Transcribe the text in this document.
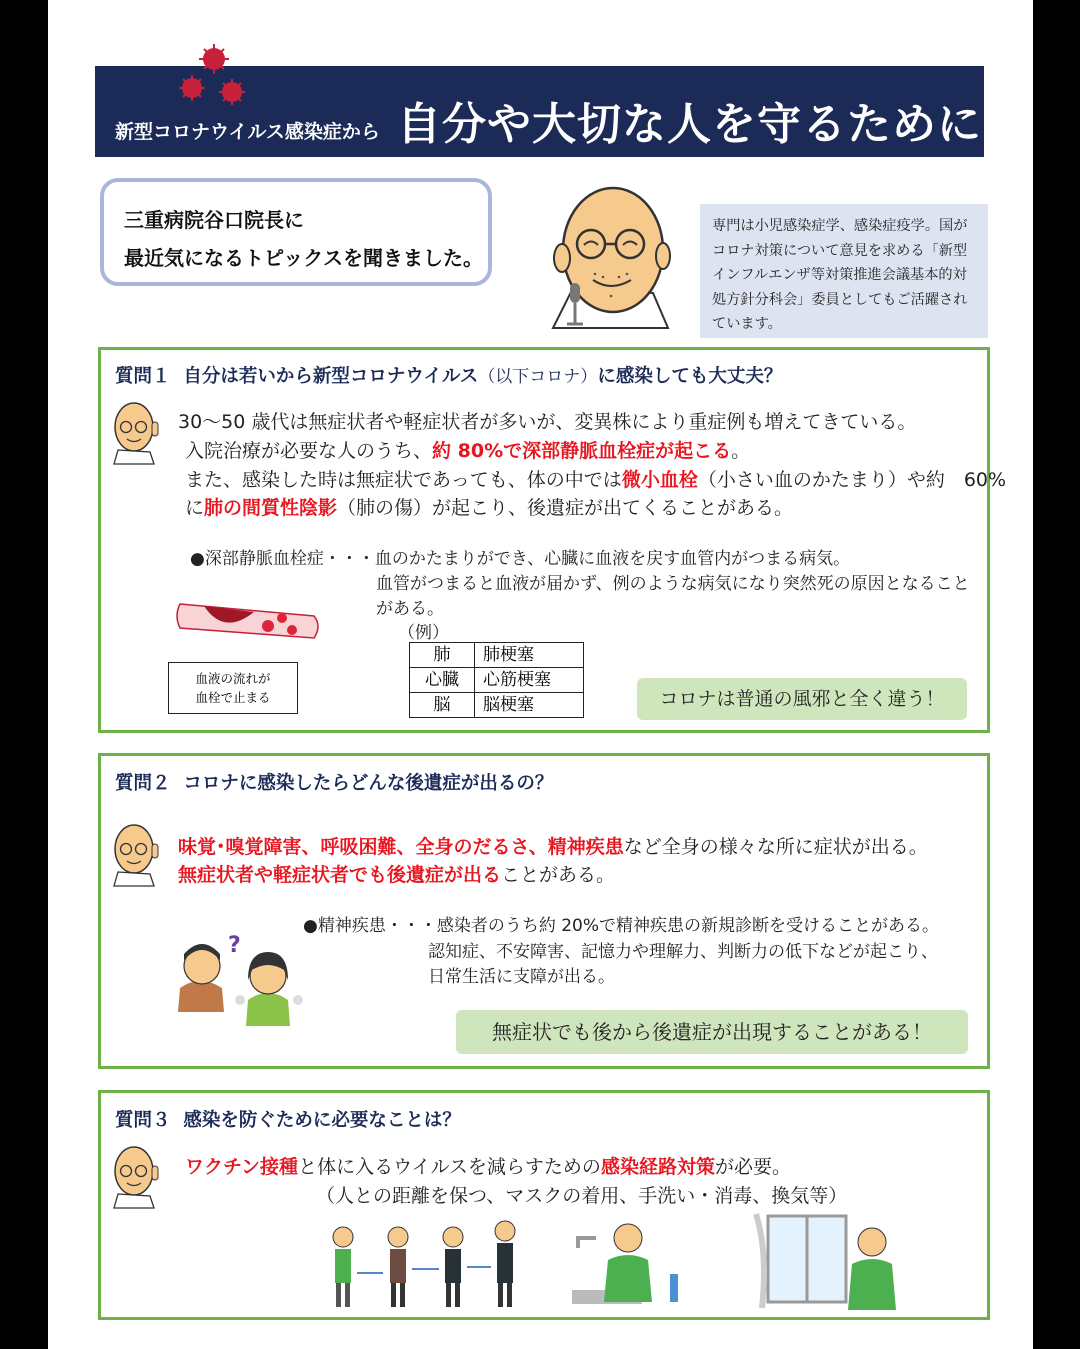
新型コロナウイルス感染症から 自分や大切な人を守るために
三重病院谷口院長に
最近気になるトピックスを聞きました。
専門は小児感染症学、感染症疫学。国がコロナ対策について意見を求める「新型インフルエンザ等対策推進会議基本的対処方針分科会」委員としてもご活躍されています。
質問１ 自分は若いから新型コロナウイルス（以下コロナ）に感染しても大丈夫？
30～50 歳代は無症状者や軽症状者が多いが、変異株により重症例も増えてきている。
入院治療が必要な人のうち、約 80%で深部静脈血栓症が起こる。
また、感染した時は無症状であっても、体の中では微小血栓（小さい血のかたまり）や約　60%
に肺の間質性陰影（肺の傷）が起こり、後遺症が出てくることがある。
●深部静脈血栓症・・・血のかたまりができ、心臓に血液を戻す血管内がつまる病気。
血管がつまると血液が届かず、例のような病気になり突然死の原因となること
がある。
（例）
血液の流れが
血栓で止まる
肺	肺梗塞
心臓	心筋梗塞
脳	脳梗塞	コロナは普通の風邪と全く違う！
質問２ コロナに感染したらどんな後遺症が出るの？
味覚･嗅覚障害、呼吸困難、全身のだるさ、精神疾患など全身の様々な所に症状が出る。
無症状者や軽症状者でも後遺症が出ることがある。
●精神疾患・・・感染者のうち約 20%で精神疾患の新規診断を受けることがある。
認知症、不安障害、記憶力や理解力、判断力の低下などが起こり、
日常生活に支障が出る。
?
無症状でも後から後遺症が出現することがある！
質問３ 感染を防ぐために必要なことは？
ワクチン接種と体に入るウイルスを減らすための感染経路対策が必要。
（人との距離を保つ、マスクの着用、手洗い・消毒、換気等）
